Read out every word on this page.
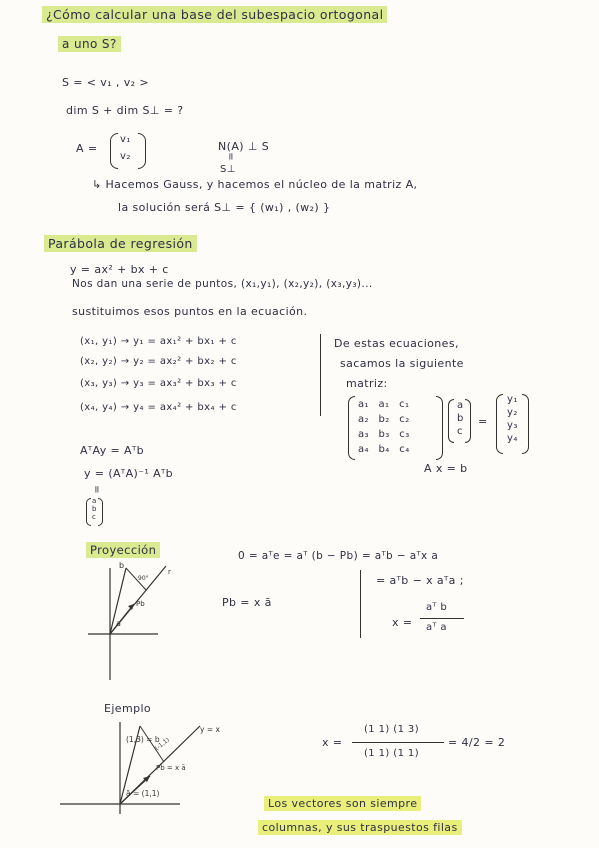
¿Cómo calcular una base del subespacio ortogonal
a uno S?
S = < v₁ , v₂ >
dim S + dim S⊥ = ?
A =
v₁
v₂
N(A) ⊥ S
=
S⊥
↳ Hacemos Gauss, y hacemos el núcleo de la matriz A,
la solución será S⊥ = { (w₁) , (w₂) }
Parábola de regresión
y = ax² + bx + c
Nos dan una serie de puntos, (x₁,y₁), (x₂,y₂), (x₃,y₃)...
sustituimos esos puntos en la ecuación.
(x₁, y₁) → y₁ = ax₁² + bx₁ + c
(x₂, y₂) → y₂ = ax₂² + bx₂ + c
(x₃, y₃) → y₃ = ax₃² + bx₃ + c
(x₄, y₄) → y₄ = ax₄² + bx₄ + c
De estas ecuaciones,
sacamos la siguiente
matriz:
a₁ a₁ c₁
a₂ b₂ c₂
a₃ b₃ c₃
a₄ b₄ c₄
a
b
c
=
y₁
y₂
y₃
y₄
A x = b
AᵀAy = Aᵀb
y = (AᵀA)⁻¹ Aᵀb
=
a
b
c
Proyección
b
a
Pb
90°
r
Pb = x ā
0 = aᵀe = aᵀ (b − Pb) = aᵀb − aᵀx a
= aᵀb − x aᵀa ;
x =
aᵀ b
aᵀ a
Ejemplo
(1,3) = b
ā = (1,1)
y = x
Pb = x ā
(-1,1)	x =
(1 1) (1 3)
(1 1) (1 1)
= 4/2 = 2
Los vectores son siempre
columnas, y sus traspuestos filas
